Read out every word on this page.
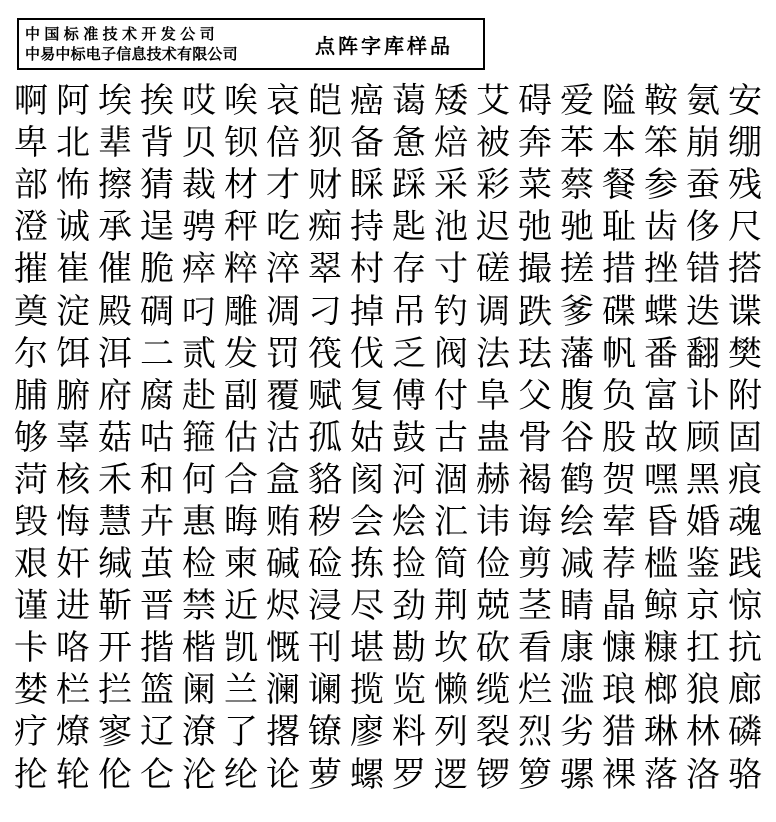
中国标准技术开发公司
中易中标电子信息技术有限公司	点阵字库样品
啊 阿 埃 挨 哎 唉 哀 皑 癌 蔼 矮 艾 碍 爱 隘 鞍 氨 安
卑 北 辈 背 贝 钡 倍 狈 备 惫 焙 被 奔 苯 本 笨 崩 绷
部 怖 擦 猜 裁 材 才 财 睬 踩 采 彩 菜 蔡 餐 参 蚕 残
澄 诚 承 逞 骋 秤 吃 痴 持 匙 池 迟 弛 驰 耻 齿 侈 尺
摧 崔 催 脆 瘁 粹 淬 翠 村 存 寸 磋 撮 搓 措 挫 错 搭
奠 淀 殿 碉 叼 雕 凋 刁 掉 吊 钓 调 跌 爹 碟 蝶 迭 谍
尔 饵 洱 二 贰 发 罚 筏 伐 乏 阀 法 珐 藩 帆 番 翻 樊
脯 腑 府 腐 赴 副 覆 赋 复 傅 付 阜 父 腹 负 富 讣 附
够 辜 菇 咕 箍 估 沽 孤 姑 鼓 古 蛊 骨 谷 股 故 顾 固
菏 核 禾 和 何 合 盒 貉 阂 河 涸 赫 褐 鹤 贺 嘿 黑 痕
毁 悔 慧 卉 惠 晦 贿 秽 会 烩 汇 讳 诲 绘 荤 昏 婚 魂
艰 奸 缄 茧 检 柬 碱 硷 拣 捡 简 俭 剪 减 荐 槛 鉴 践
谨 进 靳 晋 禁 近 烬 浸 尽 劲 荆 兢 茎 睛 晶 鲸 京 惊
卡 咯 开 揩 楷 凯 慨 刊 堪 勘 坎 砍 看 康 慷 糠 扛 抗
婪 栏 拦 篮 阑 兰 澜 谰 揽 览 懒 缆 烂 滥 琅 榔 狼 廊
疗 燎 寥 辽 潦 了 撂 镣 廖 料 列 裂 烈 劣 猎 琳 林 磷
抡 轮 伦 仑 沦 纶 论 萝 螺 罗 逻 锣 箩 骡 裸 落 洛 骆
